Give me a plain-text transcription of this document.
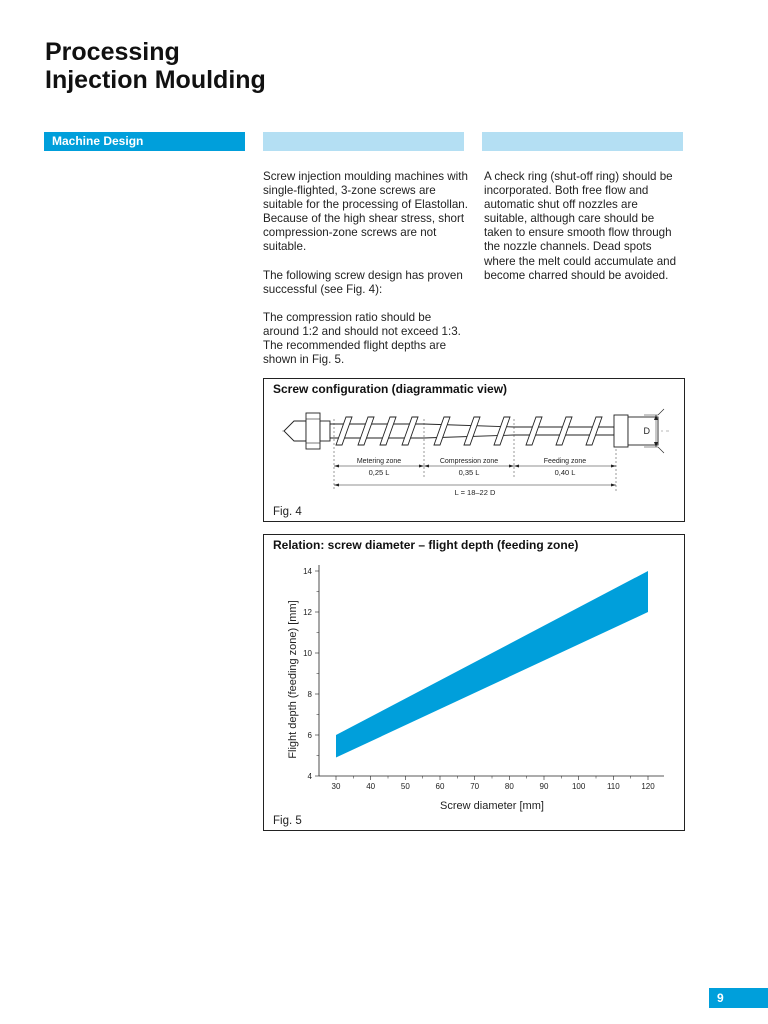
Processing
Injection Moulding
Machine Design

Screw injection moulding machines with single-flighted, 3-zone screws are suitable for the processing of Elastollan. Because of the high shear stress, short compression-zone screws are not suitable.

The following screw design has proven successful (see Fig. 4):

The compression ratio should be around 1:2 and should not exceed 1:3. The recommended flight depths are shown in Fig. 5.

A check ring (shut-off ring) should be incorporated. Both free flow and automatic shut off nozzles are suitable, although care should be taken to ensure smooth flow through the nozzle channels. Dead spots where the melt could accumulate and become charred should be avoided.

Screw configuration (diagrammatic view)
D
Metering zone	Compression zone	Feeding zone
0,25 L	0,35 L	0,40 L
L = 18–22 D
Fig. 4
Relation: screw diameter – flight depth (feeding zone)
30	40	50	60	70	80	90	100	110	120
4
6
8
10
12
14
Screw diameter [mm]
Flight depth (feeding zone) [mm]
Fig. 5
9
